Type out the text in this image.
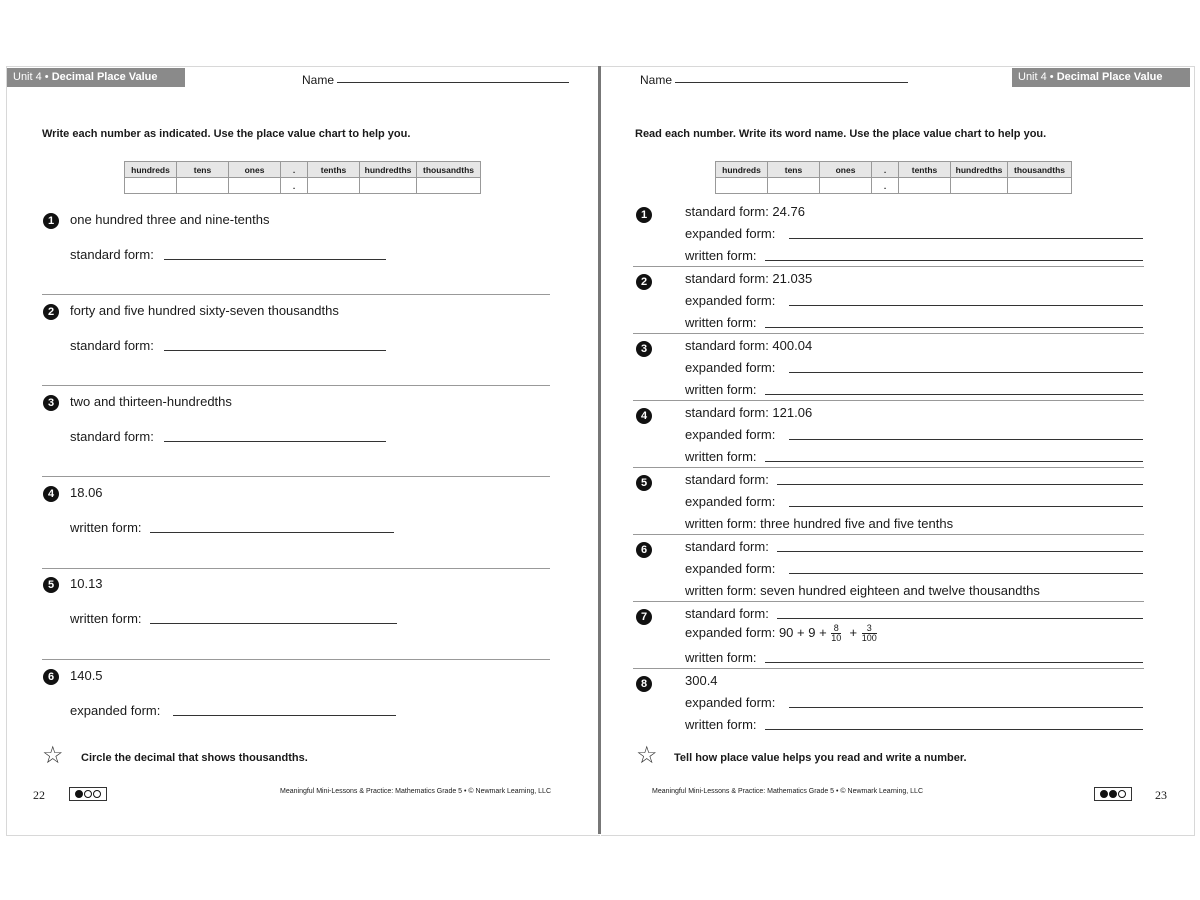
Unit 4 • Decimal Place Value	Name
Write each number as indicated. Use the place value chart to help you.
hundreds	tens	ones	.	tenths	hundredths	thousandths
			.			
1	one hundred three and nine-tenths
standard form:
2	forty and five hundred sixty-seven thousandths
standard form:
3	two and thirteen-hundredths
standard form:
4	18.06
written form:
5	10.13
written form:
6	140.5
expanded form:
☆ Circle the decimal that shows thousandths.
22	Meaningful Mini-Lessons & Practice: Mathematics Grade 5 • © Newmark Learning, LLC
Name	Unit 4 • Decimal Place Value
Read each number. Write its word name. Use the place value chart to help you.
hundreds	tens	ones	.	tenths	hundredths	thousandths
			.			
1	standard form: 24.76
expanded form:
written form:
2	standard form: 21.035
expanded form:
written form:
3	standard form: 400.04
expanded form:
written form:
4	standard form: 121.06
expanded form:
written form:
5	standard form:
expanded form:
written form: three hundred five and five tenths
6	standard form:
expanded form:
written form: seven hundred eighteen and twelve thousandths
7	standard form:
expanded form: $90 + 9 + \frac{8}{10} + \frac{3}{100}$
written form:
8	300.4
expanded form:
written form:
☆ Tell how place value helps you read and write a number.
Meaningful Mini-Lessons & Practice: Mathematics Grade 5 • © Newmark Learning, LLC	23
